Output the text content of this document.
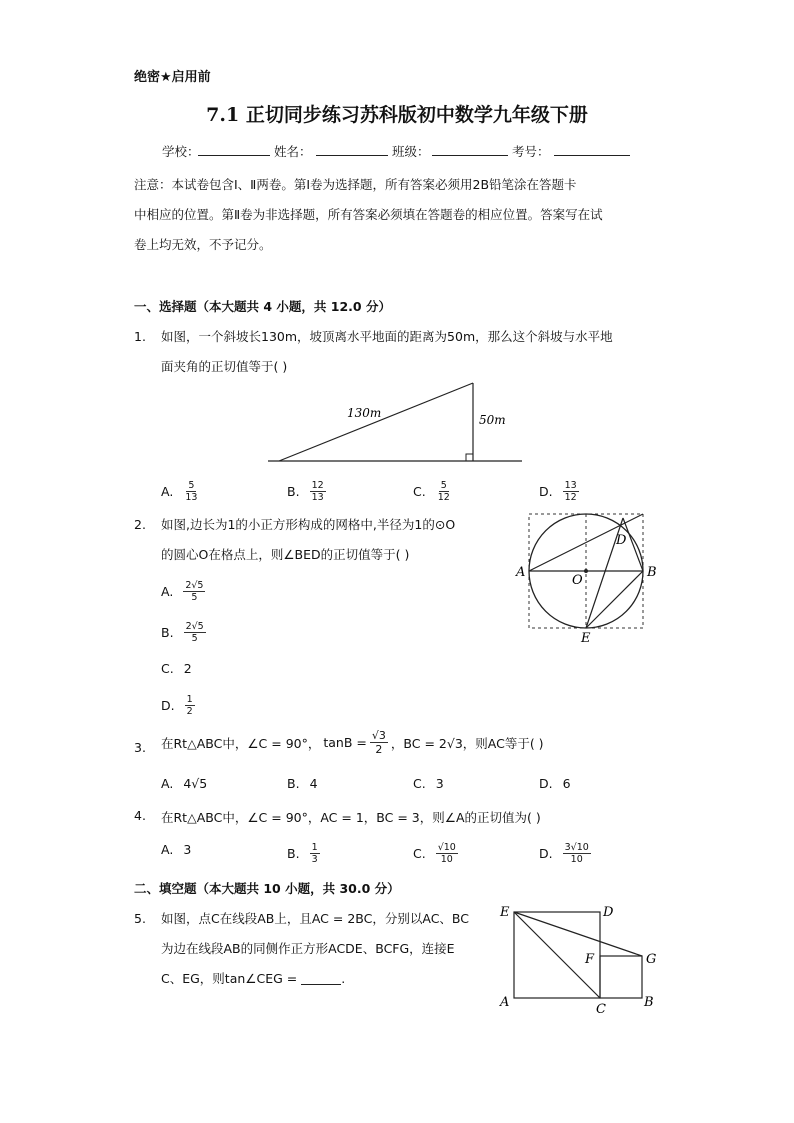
绝密★启用前
7.1 正切同步练习苏科版初中数学九年级下册
学校：	姓名：	班级：	考号：
注意：本试卷包含Ⅰ、Ⅱ两卷。第Ⅰ卷为选择题，所有答案必须用2B铅笔涂在答题卡
中相应的位置。第Ⅱ卷为非选择题，所有答案必须填在答题卷的相应位置。答案写在试
卷上均无效，不予记分。
一、选择题（本大题共 4 小题，共 12.0 分）
1. 如图，一个斜坡长130m，坡顶离水平地面的距离为50m，那么这个斜坡与水平地
面夹角的正切值等于( )
130m	50m
A. $\frac{5}{13}$	B. $\frac{12}{13}$	C. $\frac{5}{12}$	D. $\frac{13}{12}$
2. 如图,边长为1的小正方形构成的网格中,半径为1的⊙O
的圆心O在格点上，则∠BED的正切值等于( )
A	B
D
E
O
A. $\frac{2√5}{5}$
B. $\frac{2√5}{5}$
C. 2
D. $\frac{1}{2}$
3. 在Rt△ABC中，∠C = 90°， $\tan B = \frac{√3}{2}$ ，BC = 2√3，则AC等于( )
A. 4√5	B. 4	C. 3	D. 6
4. 在Rt△ABC中，∠C = 90°，AC = 1，BC = 3，则∠A的正切值为( )
A. 3	B. $\frac{1}{3}$	C. $\frac{√10}{10}$	D. $\frac{3√10}{10}$
二、填空题（本大题共 10 小题，共 30.0 分）
5. 如图，点C在线段AB上，且AC = 2BC，分别以AC、BC
为边在线段AB的同侧作正方形ACDE、BCFG，连接E
C、EG，则tan∠CEG =	.
E	D
F	G
A	C	B
